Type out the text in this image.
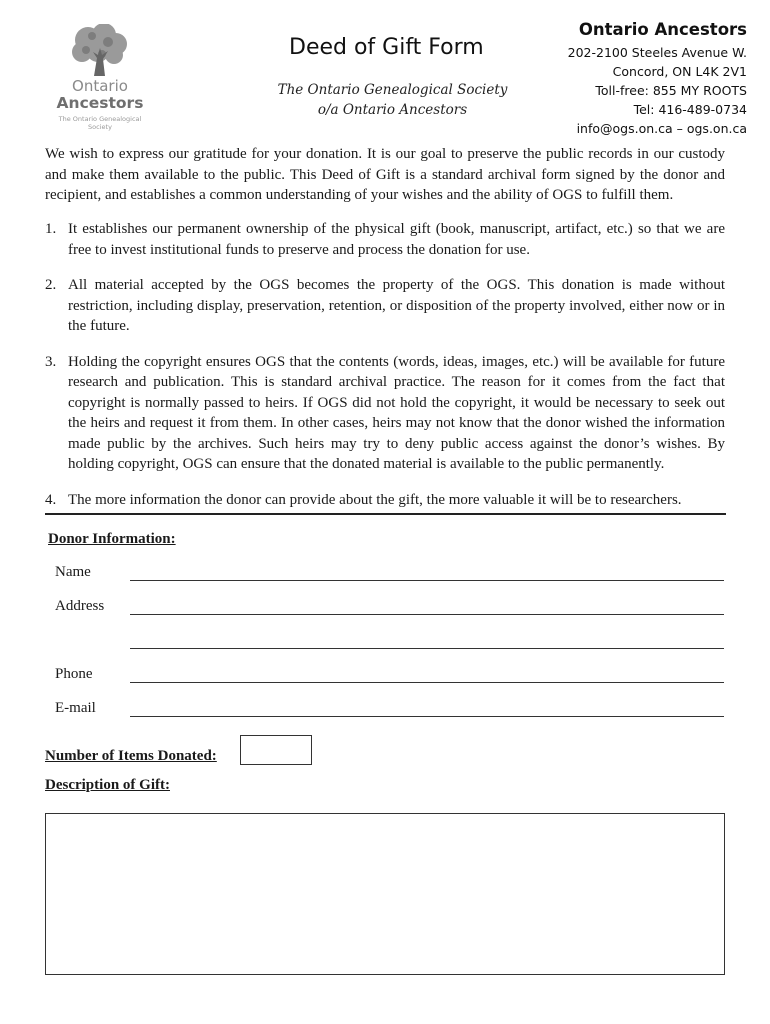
Ontario
Ancestors
The Ontario Genealogical Society
Deed of Gift Form
The Ontario Genealogical Society
o/a Ontario Ancestors
Ontario Ancestors
202-2100 Steeles Avenue W.
Concord, ON L4K 2V1
Toll-free: 855 MY ROOTS
Tel: 416-489-0734
info@ogs.on.ca – ogs.on.ca

We wish to express our gratitude for your donation. It is our goal to preserve the public records in our custody and make them available to the public. This Deed of Gift is a standard archival form signed by the donor and recipient, and establishes a common understanding of your wishes and the ability of OGS to fulfill them.

1. It establishes our permanent ownership of the physical gift (book, manuscript, artifact, etc.) so that we are free to invest institutional funds to preserve and process the donation for use.
2. All material accepted by the OGS becomes the property of the OGS. This donation is made without restriction, including display, preservation, retention, or disposition of the property involved, either now or in the future.
3. Holding the copyright ensures OGS that the contents (words, ideas, images, etc.) will be available for future research and publication. This is standard archival practice. The reason for it comes from the fact that copyright is normally passed to heirs. If OGS did not hold the copyright, it would be necessary to seek out the heirs and request it from them. In other cases, heirs may not know that the donor wished the information made public by the archives. Such heirs may try to deny public access against the donor’s wishes. By holding copyright, OGS can ensure that the donated material is available to the public permanently.
4. The more information the donor can provide about the gift, the more valuable it will be to researchers.
Donor Information:
Name
Address
Phone
E-mail
Number of Items Donated:
Description of Gift:
